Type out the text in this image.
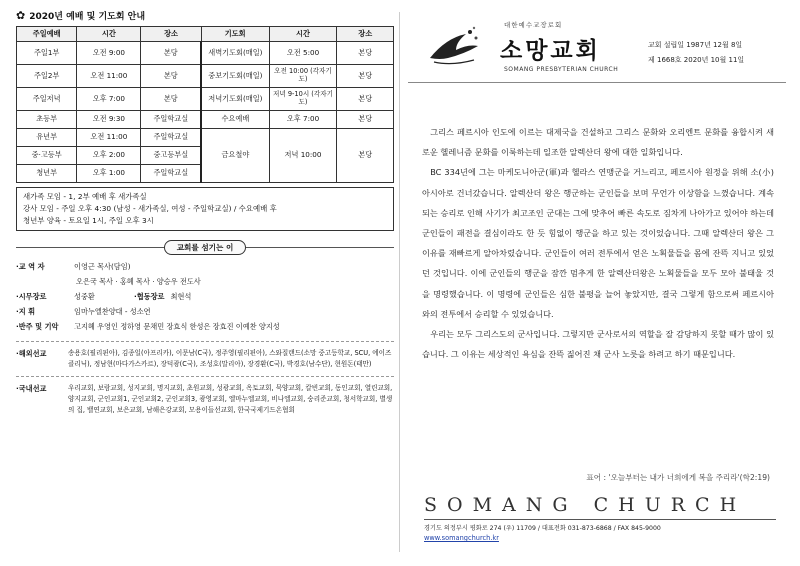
✿ 2020년 예배 및 기도회 안내
주일예배	시간	장소	기도회	시간	장소
주일1부	오전 9:00	본당	새벽기도회(매일)	오전 5:00	본당
주일2부	오전 11:00	본당	중보기도회(매일)	오전 10:00 (각자기도)	본당
주일저녁	오후 7:00	본당	저녁기도회(매일)	저녁 9-10시 (각자기도)	본당
초등부	오전 9:30	주일학교실	수요예배	오후 7:00	본당
유년부	오전 11:00	주일학교실	금요철야	저녁 10:00	본당
중·고등부	오후 2:00	중고등부실			
청년부	오후 1:00	주일학교실			
새가족 모임 - 1, 2부 예배 후 새가족실
강사 모임 - 주일 오후 4:30 (남성 - 새가족실, 여성 - 주일학교실) / 수요예배 후
청년부 양육 - 토요일 1시, 주일 오후 3시
교회를 섬기는 이
·교 역 자	이영근 목사(담임)
오은국 목사 · 홍혜 목사 · 양승우 전도사
·시무장로	성중환	·협동장로 최현석
·지 휘	임마누엘찬양대 - 성소연
·반주 및 기악	고지혜 우영인 정하영 문채민 장효식 한성은 장효진 이예찬 양지성
·해외선교	송용호(필리핀아), 김종일(아프리카), 이문남(C국), 정주영(필리핀아), 스와질랜드(소망 중고등학교, SCU, 에이즈클리닉), 정남현(마다가스카르), 장덕광(C국), 조성호(말리아), 장경환(C국), 박경호(남수단), 현원돈(태만)
·국내선교	우리교회, 보람교회, 성지교회, 명지교회, 초원교회, 성광교회, 옥토교회, 묵양교회, 칼빈교회, 동인교회, 열린교회, 양지교회, 군인교회1, 군인교회2, 군인교회3, 광영교회, 엘마누엘교회, 비나엘교회, 숭리준교회, 청서학교회, 별생의 집, 밸연교회, 보은교회, 남해은강교회, 모용이들선교회, 한국국제기드온협회
대한예수교장로회
소망교회
SOMANG PRESBYTERIAN CHURCH
교회 설립일 1987년 12월 8일
제 1668호 2020년 10월 11일

그리스 페르시아 인도에 이르는 대제국을 건설하고 그리스 문화와 오리엔트 문화를 융합시켜 새로운 헬레니즘 문화를 이룩하는데 일조한 알렉산더 왕에 대한 일화입니다.

BC 334년에 그는 마케도니아군(軍)과 헬라스 연맹군을 거느리고, 페르시아 원정을 위해 소(小)아시아로 건너갔습니다. 알렉산더 왕은 행군하는 군인들을 보며 무언가 이상함을 느꼈습니다. 계속 되는 승리로 인해 사기가 최고조인 군대는 그에 맞추어 빠른 속도로 짐차게 나아가고 있어야 하는데 군인들이 패전을 결심이라도 한 듯 힘없이 행군을 하고 있는 것이었습니다. 그때 알렉산더 왕은 그 이유를 재빠르게 알아차렸습니다. 군인들이 여러 전투에서 얻은 노획물들을 몸에 잔뜩 지니고 있었던 것입니다. 이에 군인들의 행군을 잠깐 멈추게 한 알렉산더왕은 노획물들을 모두 모아 불태울 것을 명령했습니다. 이 명령에 군인들은 심한 불평을 늘어 놓았지만, 결국 그렇게 함으로써 페르시아와의 전투에서 승리할 수 있었습니다.

우리는 모두 그리스도의 군사입니다. 그렇지만 군사로서의 역할을 잘 감당하지 못할 때가 많이 있습니다. 그 이유는 세상적인 욕심을 잔뜩 짊어진 채 군사 노릇을 하려고 하기 때문입니다.

표어 : '오늘부터는 내가 너희에게 복을 주리라'(학2:19)
SOMANG CHURCH
경기도 의정부시 평화로 274 (우) 11709 / 대표전화 031-873-6868 / FAX 845-9000
www.somangchurch.kr
